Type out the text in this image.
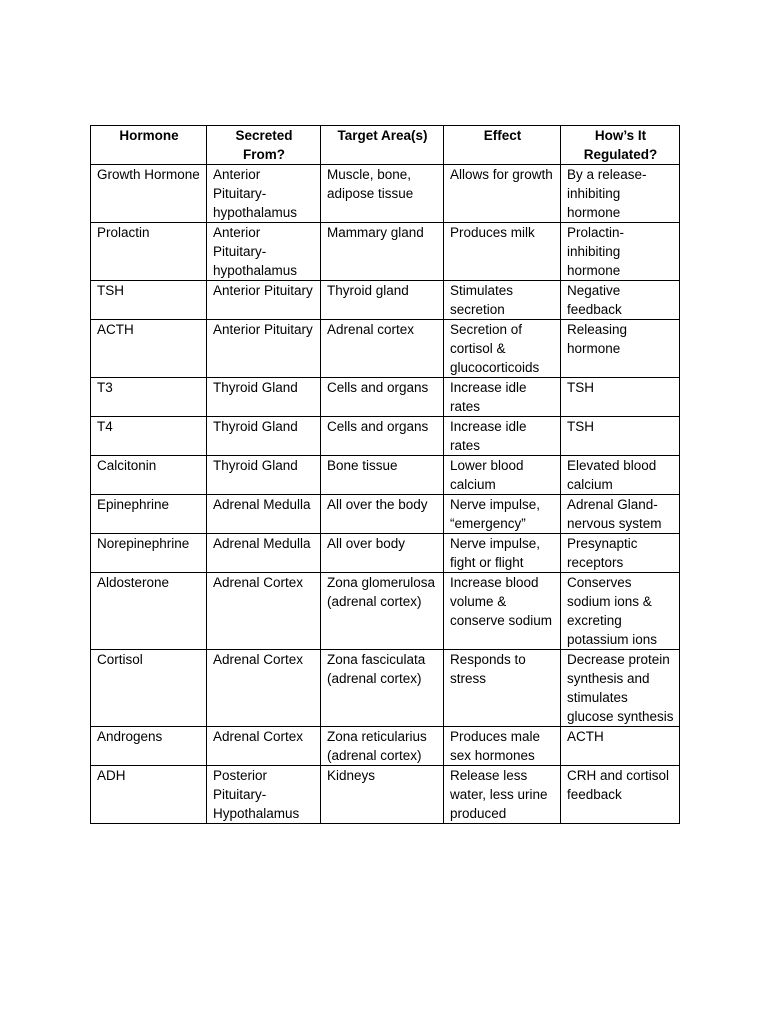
Hormone	Secreted From?	Target Area(s)	Effect	How’s It Regulated?
Growth Hormone	Anterior Pituitary-hypothalamus	Muscle, bone, adipose tissue	Allows for growth	By a release-inhibiting hormone
Prolactin	Anterior Pituitary-hypothalamus	Mammary gland	Produces milk	Prolactin-inhibiting hormone
TSH	Anterior Pituitary	Thyroid gland	Stimulates secretion	Negative feedback
ACTH	Anterior Pituitary	Adrenal cortex	Secretion of cortisol & glucocorticoids	Releasing hormone
T3	Thyroid Gland	Cells and organs	Increase idle rates	TSH
T4	Thyroid Gland	Cells and organs	Increase idle rates	TSH
Calcitonin	Thyroid Gland	Bone tissue	Lower blood calcium	Elevated blood calcium
Epinephrine	Adrenal Medulla	All over the body	Nerve impulse, “emergency”	Adrenal Gland-nervous system
Norepinephrine	Adrenal Medulla	All over body	Nerve impulse, fight or flight	Presynaptic receptors
Aldosterone	Adrenal Cortex	Zona glomerulosa (adrenal cortex)	Increase blood volume & conserve sodium	Conserves sodium ions & excreting potassium ions
Cortisol	Adrenal Cortex	Zona fasciculata (adrenal cortex)	Responds to stress	Decrease protein synthesis and stimulates glucose synthesis
Androgens	Adrenal Cortex	Zona reticularius (adrenal cortex)	Produces male sex hormones	ACTH
ADH	Posterior Pituitary-Hypothalamus	Kidneys	Release less water, less urine produced	CRH and cortisol feedback
